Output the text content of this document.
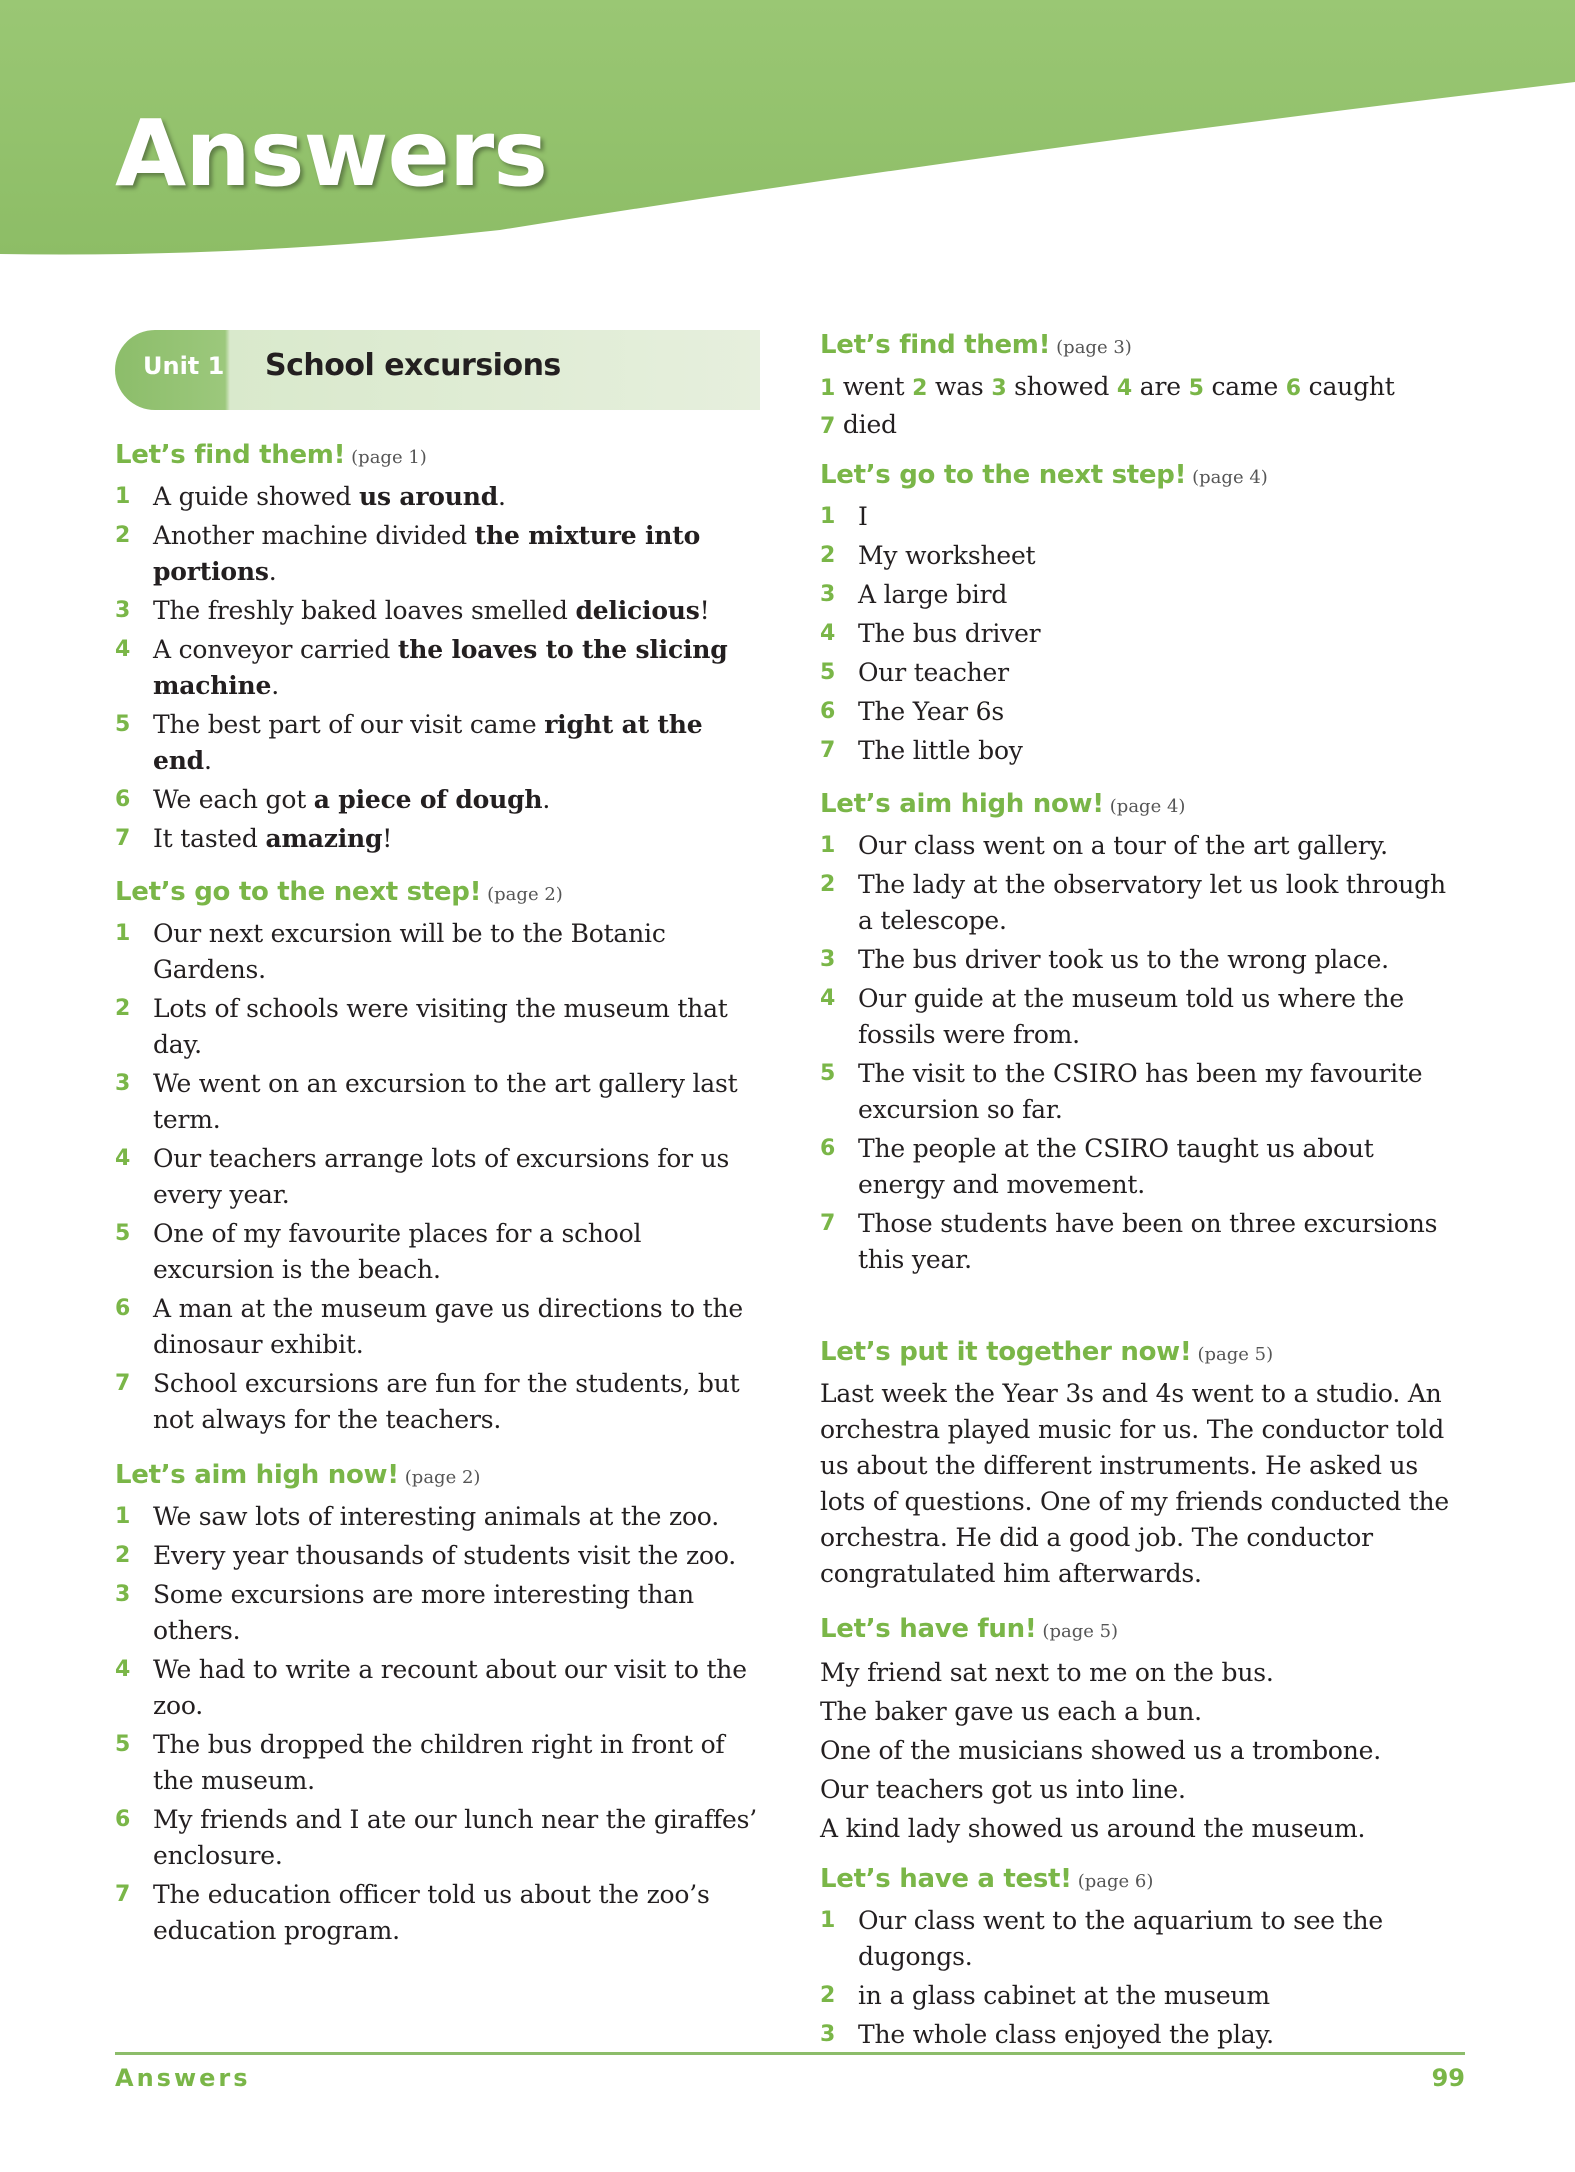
Answers
Unit 1 School excursions
Let’s find them! (page 1)
1 A guide showed us around.
2 Another machine divided the mixture into portions.
3 The freshly baked loaves smelled delicious!
4 A conveyor carried the loaves to the slicing machine.
5 The best part of our visit came right at the end.
6 We each got a piece of dough.
7 It tasted amazing!
Let’s go to the next step! (page 2)
1 Our next excursion will be to the Botanic Gardens.
2 Lots of schools were visiting the museum that day.
3 We went on an excursion to the art gallery last term.
4 Our teachers arrange lots of excursions for us every year.
5 One of my favourite places for a school excursion is the beach.
6 A man at the museum gave us directions to the dinosaur exhibit.
7 School excursions are fun for the students, but not always for the teachers.
Let’s aim high now! (page 2)
1 We saw lots of interesting animals at the zoo.
2 Every year thousands of students visit the zoo.
3 Some excursions are more interesting than others.
4 We had to write a recount about our visit to the zoo.
5 The bus dropped the children right in front of the museum.
6 My friends and I ate our lunch near the giraffes’ enclosure.
7 The education officer told us about the zoo’s education program.
Let’s find them! (page 3)
1 went 2 was 3 showed 4 are 5 came 6 caught
7 died
Let’s go to the next step! (page 4)
1 I
2 My worksheet
3 A large bird
4 The bus driver
5 Our teacher
6 The Year 6s
7 The little boy
Let’s aim high now! (page 4)
1 Our class went on a tour of the art gallery.
2 The lady at the observatory let us look through a telescope.
3 The bus driver took us to the wrong place.
4 Our guide at the museum told us where the fossils were from.
5 The visit to the CSIRO has been my favourite excursion so far.
6 The people at the CSIRO taught us about energy and movement.
7 Those students have been on three excursions this year.
Let’s put it together now! (page 5)

Last week the Year 3s and 4s went to a studio. An orchestra played music for us. The conductor told us about the different instruments. He asked us lots of questions. One of my friends conducted the orchestra. He did a good job. The conductor congratulated him afterwards.

Let’s have fun! (page 5)
My friend sat next to me on the bus.
The baker gave us each a bun.
One of the musicians showed us a trombone.
Our teachers got us into line.
A kind lady showed us around the museum.
Let’s have a test! (page 6)
1 Our class went to the aquarium to see the dugongs.
2 in a glass cabinet at the museum
3 The whole class enjoyed the play.
Answers	99
